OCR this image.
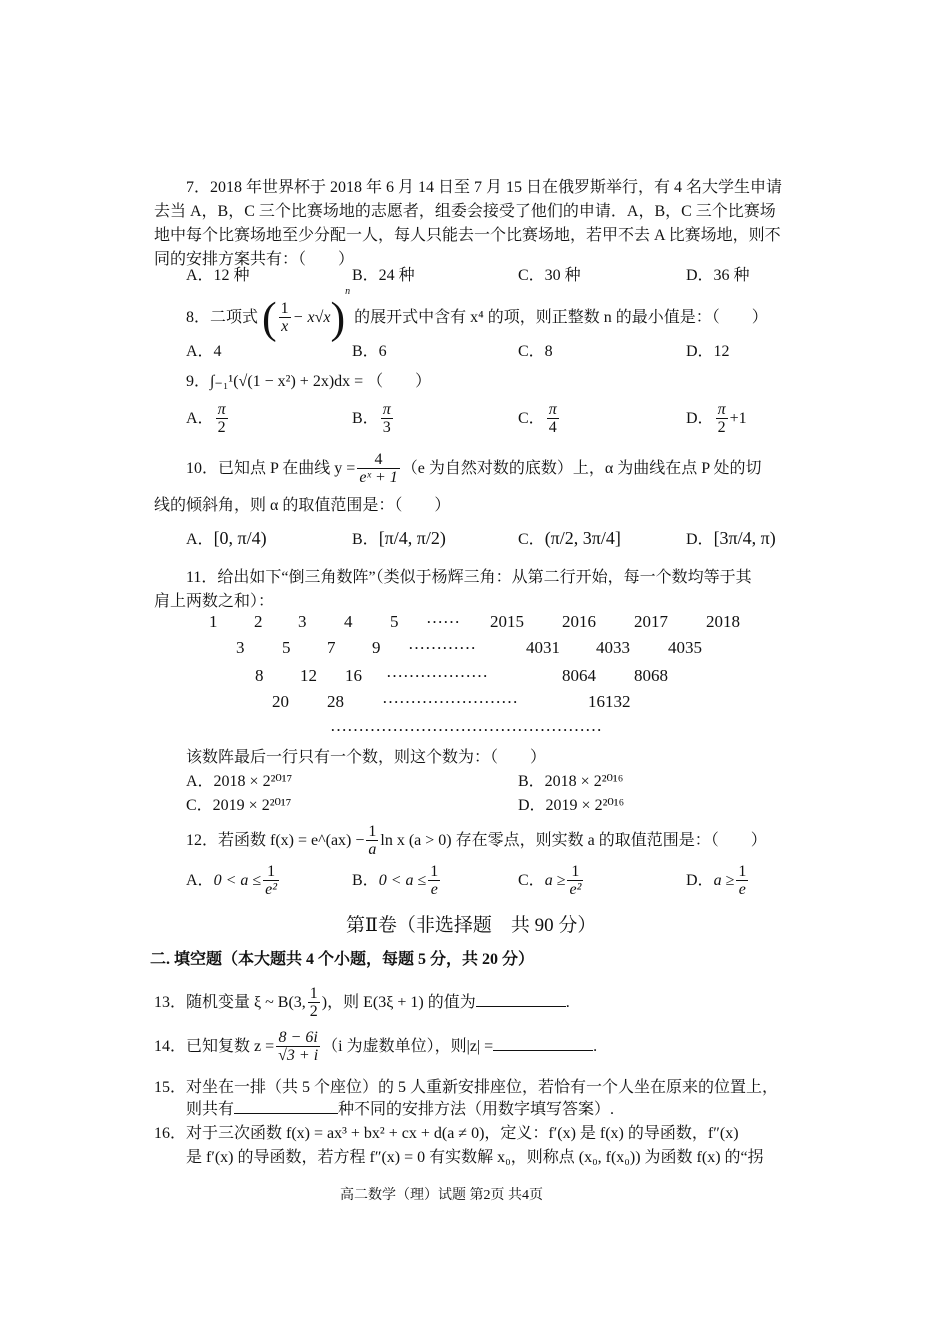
7．2018 年世界杯于 2018 年 6 月 14 日至 7 月 15 日在俄罗斯举行，有 4 名大学生申请
去当 A，B，C 三个比赛场地的志愿者，组委会接受了他们的申请．A，B，C 三个比赛场
地中每个比赛场地至少分配一人，每人只能去一个比赛场地，若甲不去 A 比赛场地，则不
同的安排方案共有：（　　）
A．12 种	B．24 种	C．30 种	D．36 种
8．二项式 ( $\frac{1}{x} - x√x)^n$ 的展开式中含有 x⁴ 的项，则正整数 n 的最小值是：（　　）
A．4	B．6	C．8	D．12
9．∫₋₁¹(√(1 − x²) + 2x)dx = （　　）
A． $\frac{\pi}{2}$	B． $\frac{\pi}{3}$	C． $\frac{\pi}{4}$	D． $\frac{\pi}{2} +1$
10．已知点 P 在曲线 $y = \frac{4}{\text{eˣ + 1}} (e$ 为自然对数的底数）上，α 为曲线在点 P 处的切
线的倾斜角，则 α 的取值范围是：（　　）
A．[0, π/4)	B．[π/4, π/2)	C．(π/2, 3π/4]	D．[3π/4, π)
11．给出如下“倒三角数阵”（类似于杨辉三角：从第二行开始，每一个数均等于其
肩上两数之和）：
1 2 3 4 5 …… 2015 2016 2017 2018
3 5 7 9 …………	4031 4033 4035
8 12 16 ………………	8064 8068
20 28 ……………………	16132
…………………………………………
该数阵最后一行只有一个数，则这个数为：（　　）
A．2018 × 2²⁰¹⁷
C．2019 × 2²⁰¹⁷
B．2018 × 2²⁰¹⁶
D．2019 × 2²⁰¹⁶
12．若函数 f(x) = e^(ax) − $\frac{1}{a}$ ln x (a > 0) 存在零点，则实数 a 的取值范围是：（　　）
A．$0 < a \le \frac{1}{\text{e²}}$	B．$0 < a \le \frac{1}{e}$	C．$a \ge \frac{1}{\text{e²}}$	D．$a \ge \frac{1}{e}$
第Ⅱ卷（非选择题　共 90 分）
二. 填空题（本大题共 4 个小题，每题 5 分，共 20 分）
13．随机变量 ξ ~ B(3, $\frac{1}{2}$ )，则 E(3ξ + 1) 的值为	.
14．已知复数 $z = \frac{8 - 6i}{√3 + i} (i$ 为虚数单位），则|z| =	.
15．对坐在一排（共 5 个座位）的 5 人重新安排座位，若恰有一个人坐在原来的位置上，
则共有	种不同的安排方法（用数字填写答案）.
16．对于三次函数 f(x) = ax³ + bx² + cx + d(a ≠ 0)，定义：f′(x) 是 f(x) 的导函数，f″(x)
是 f′(x) 的导函数，若方程 f″(x) = 0 有实数解 x₀，则称点 (x₀, f(x₀)) 为函数 f(x) 的“拐
高二数学（理）试题 第2页 共4页
